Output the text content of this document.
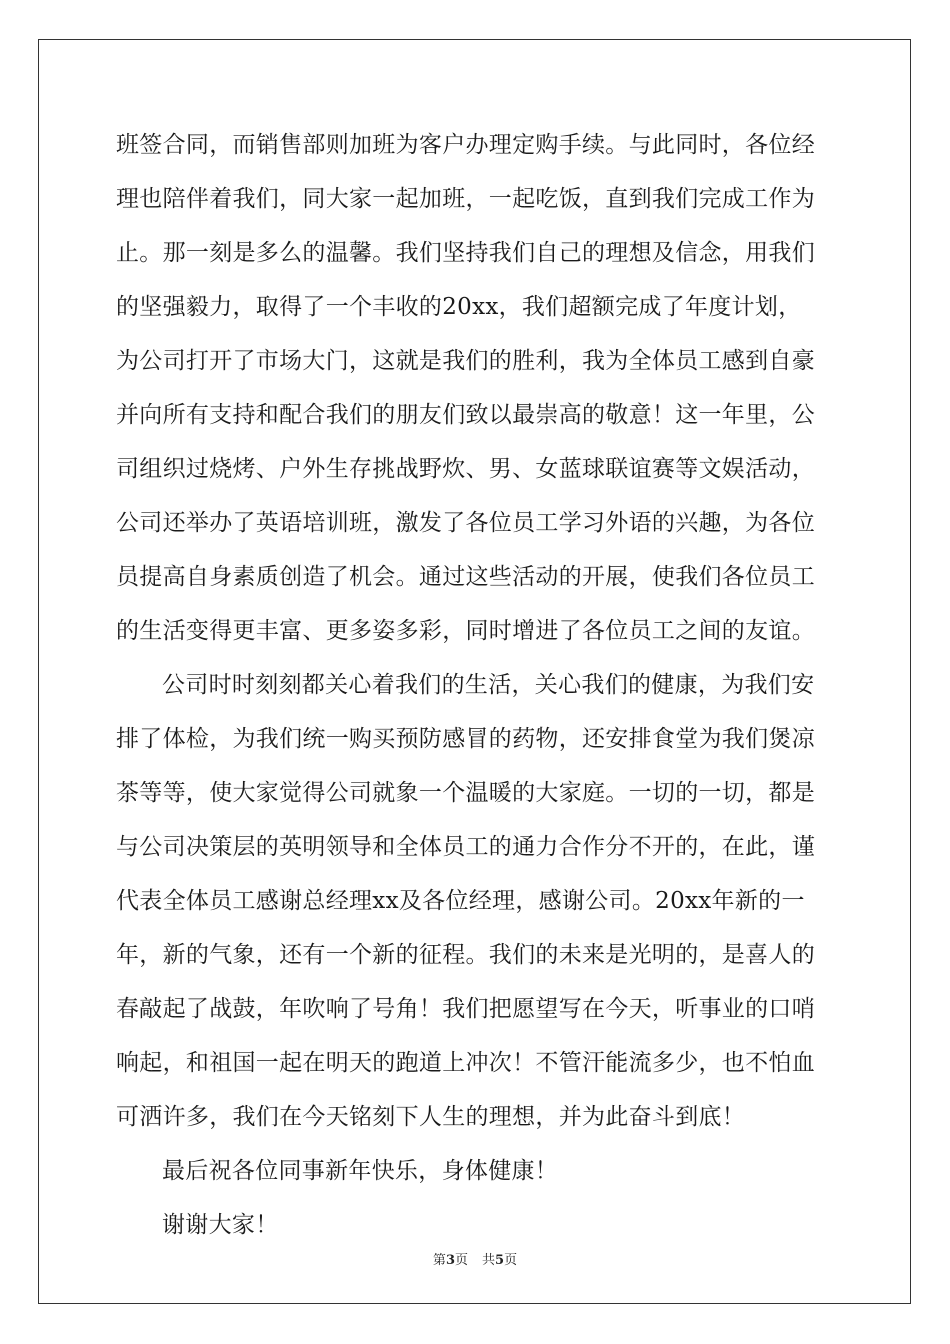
班签合同，而销售部则加班为客户办理定购手续。与此同时，各位经
理也陪伴着我们，同大家一起加班，一起吃饭，直到我们完成工作为
止。那一刻是多么的温馨。我们坚持我们自己的理想及信念，用我们
的坚强毅力，取得了一个丰收的20xx，我们超额完成了年度计划，
为公司打开了市场大门，这就是我们的胜利，我为全体员工感到自豪
并向所有支持和配合我们的朋友们致以最崇高的敬意！这一年里，公
司组织过烧烤、户外生存挑战野炊、男、女蓝球联谊赛等文娱活动，
公司还举办了英语培训班，激发了各位员工学习外语的兴趣，为各位
员提高自身素质创造了机会。通过这些活动的开展，使我们各位员工
的生活变得更丰富、更多姿多彩，同时增进了各位员工之间的友谊。
公司时时刻刻都关心着我们的生活，关心我们的健康，为我们安
排了体检，为我们统一购买预防感冒的药物，还安排食堂为我们煲凉
茶等等，使大家觉得公司就象一个温暖的大家庭。一切的一切，都是
与公司决策层的英明领导和全体员工的通力合作分不开的，在此，谨
代表全体员工感谢总经理xx及各位经理，感谢公司。20xx年新的一
年，新的气象，还有一个新的征程。我们的未来是光明的，是喜人的
春敲起了战鼓，年吹响了号角！我们把愿望写在今天，听事业的口哨
响起，和祖国一起在明天的跑道上冲次！不管汗能流多少，也不怕血
可洒许多，我们在今天铭刻下人生的理想，并为此奋斗到底！
最后祝各位同事新年快乐，身体健康！
谢谢大家！
第3页 共5页
